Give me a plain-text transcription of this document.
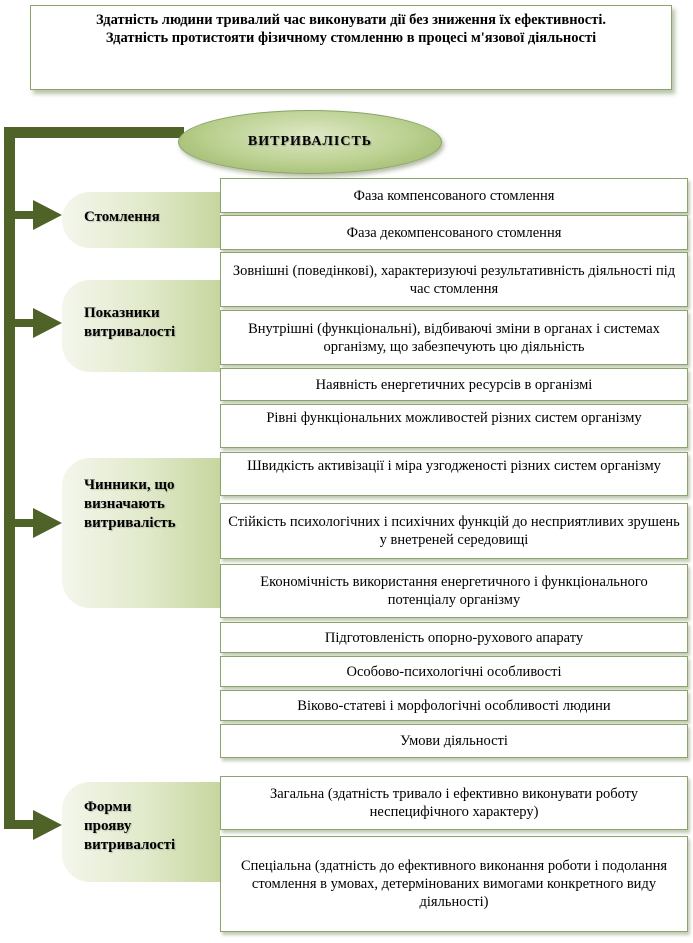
Здатність людини тривалий час виконувати дії без зниження їх ефективності.
Здатність протистояти фізичному стомленню в процесі м'язової діяльності
ВИТРИВАЛІСТЬ
Стомлення
Показники
витривалості
Чинники, що
визначають
витривалість
Форми
прояву
витривалості
Фаза компенсованого стомлення
Фаза декомпенсованого стомлення
Зовнішні (поведінкові), характеризуючі результативність діяльності під час стомлення
Внутрішні (функціональні), відбиваючі зміни в органах і системах організму, що забезпечують цю діяльність
Наявність енергетичних ресурсів в організмі
Рівні функціональних можливостей різних систем організму
Швидкість активізації і міра узгодженості різних систем організму
Стійкість психологічних і психічних функцій до несприятливих зрушень у внетреней середовищі
Економічність використання енергетичного і функціонального потенціалу організму
Підготовленість опорно-рухового апарату
Особово-психологічні особливості
Віково-статеві і морфологічні особливості людини
Умови діяльності
Загальна (здатність тривало і ефективно виконувати роботу неспецифічного характеру)
Спеціальна (здатність до ефективного виконання роботи і подолання стомлення в умовах, детермінованих вимогами конкретного виду діяльності)
